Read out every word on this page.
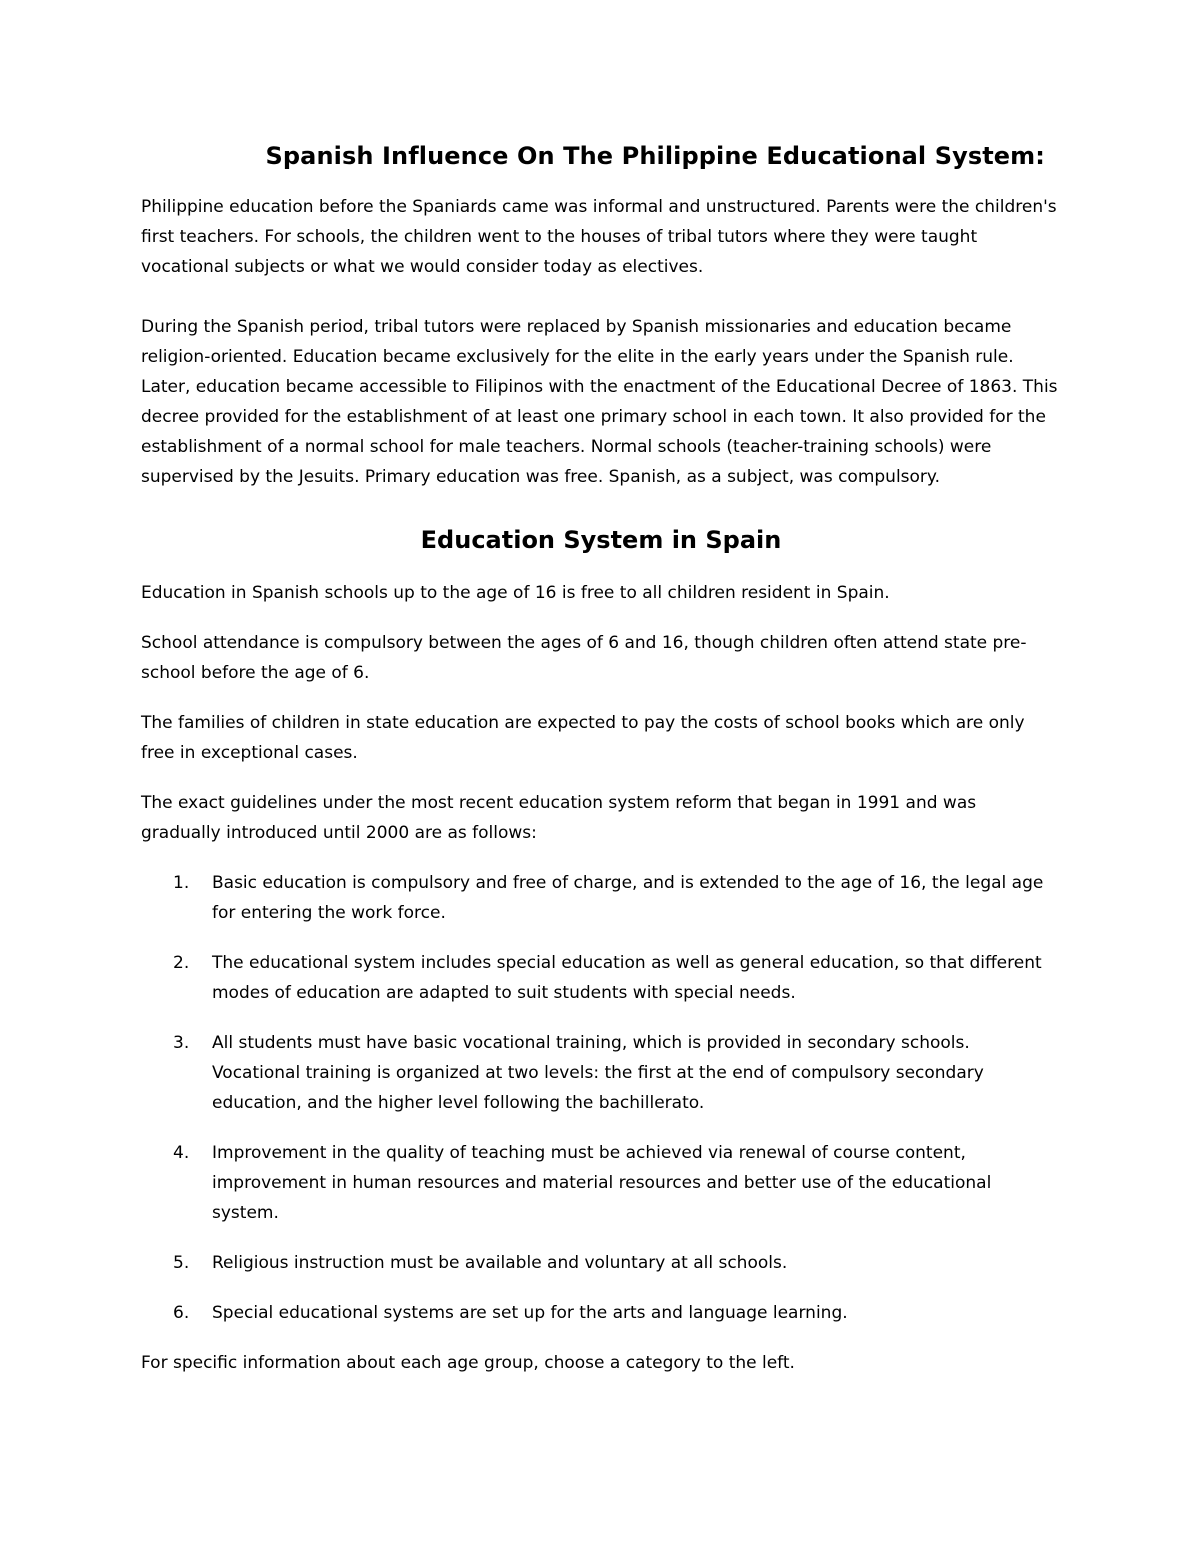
Spanish Influence On The Philippine Educational System:

Philippine education before the Spaniards came was informal and unstructured. Parents were the children's first teachers. For schools, the children went to the houses of tribal tutors where they were taught vocational subjects or what we would consider today as electives.

During the Spanish period, tribal tutors were replaced by Spanish missionaries and education became religion-oriented. Education became exclusively for the elite in the early years under the Spanish rule. Later, education became accessible to Filipinos with the enactment of the Educational Decree of 1863. This decree provided for the establishment of at least one primary school in each town. It also provided for the establishment of a normal school for male teachers. Normal schools (teacher-training schools) were supervised by the Jesuits. Primary education was free. Spanish, as a subject, was compulsory.

Education System in Spain

Education in Spanish schools up to the age of 16 is free to all children resident in Spain.

School attendance is compulsory between the ages of 6 and 16, though children often attend state pre-school before the age of 6.

The families of children in state education are expected to pay the costs of school books which are only free in exceptional cases.

The exact guidelines under the most recent education system reform that began in 1991 and was gradually introduced until 2000 are as follows:

1. Basic education is compulsory and free of charge, and is extended to the age of 16, the legal age for entering the work force.
2. The educational system includes special education as well as general education, so that different modes of education are adapted to suit students with special needs.
3. All students must have basic vocational training, which is provided in secondary schools. Vocational training is organized at two levels: the first at the end of compulsory secondary education, and the higher level following the bachillerato.
4. Improvement in the quality of teaching must be achieved via renewal of course content, improvement in human resources and material resources and better use of the educational system.
5. Religious instruction must be available and voluntary at all schools.
6. Special educational systems are set up for the arts and language learning.

For specific information about each age group, choose a category to the left.
